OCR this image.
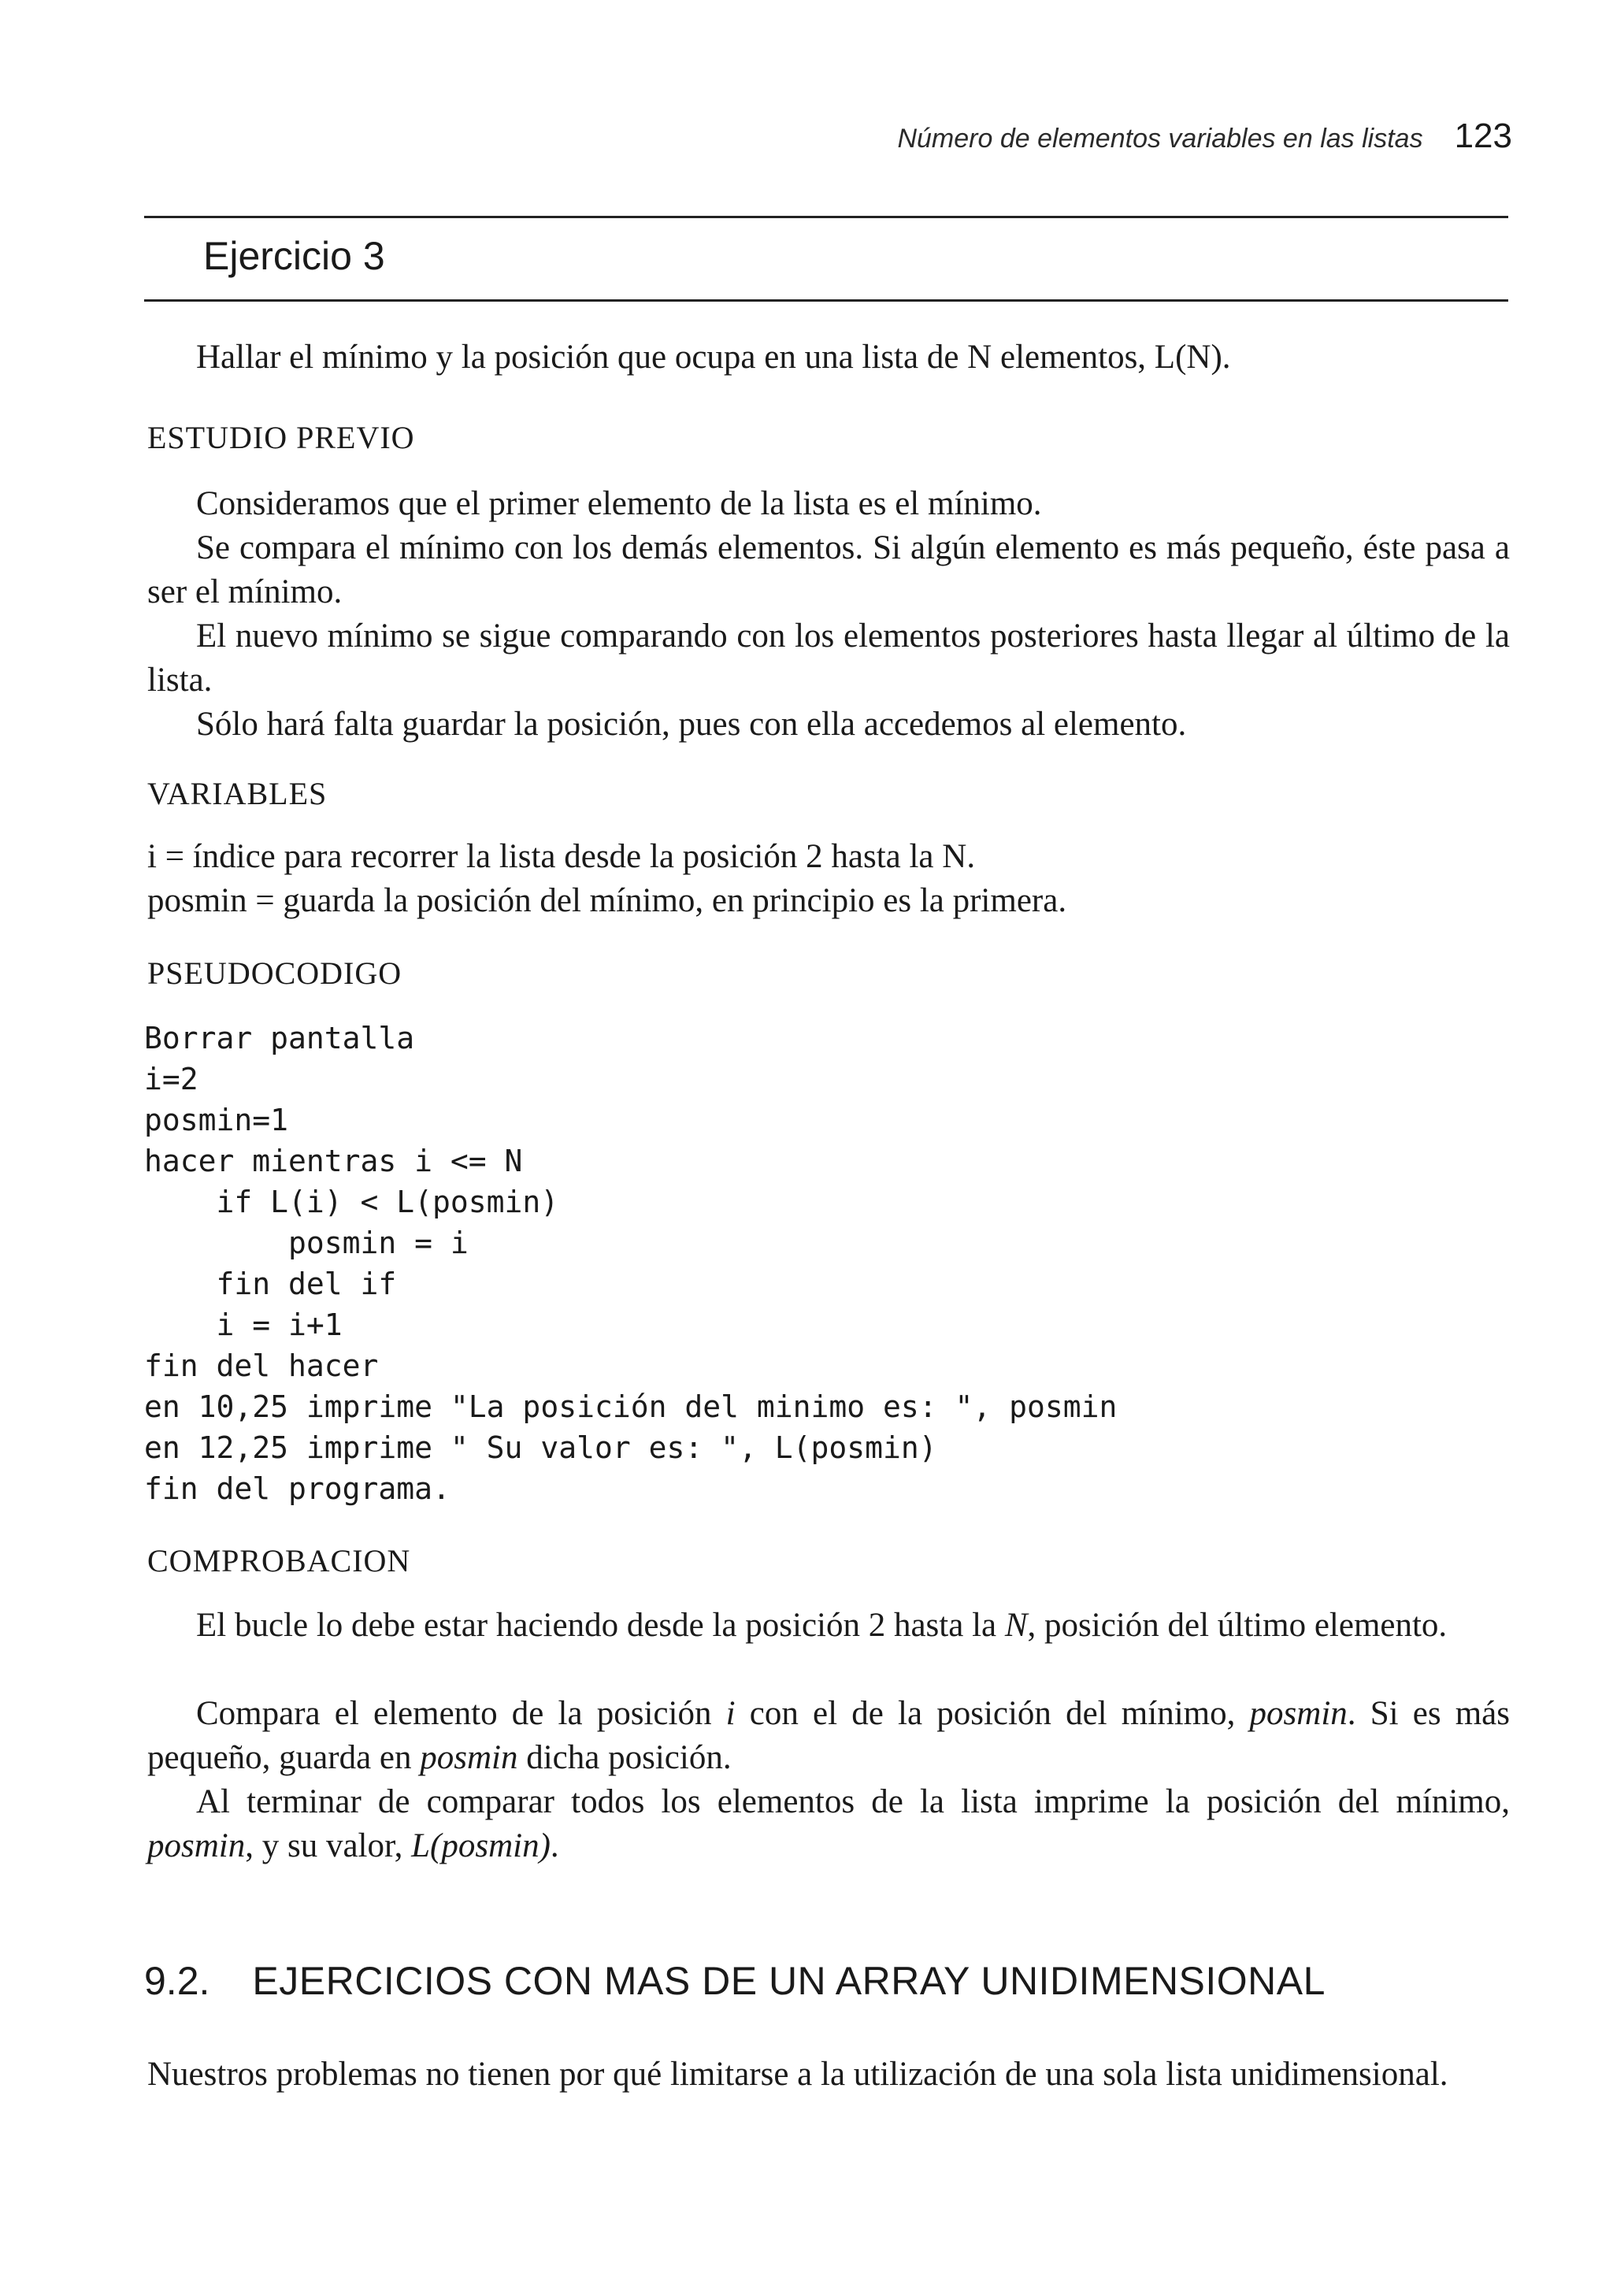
Número de elementos variables en las listas 123
Ejercicio 3
Hallar el mínimo y la posición que ocupa en una lista de N elementos, L(N).
ESTUDIO PREVIO

Consideramos que el primer elemento de la lista es el mínimo.

Se compara el mínimo con los demás elementos. Si algún elemento es más pequeño, éste pasa a ser el mínimo.

El nuevo mínimo se sigue comparando con los elementos posteriores hasta llegar al último de la lista.

Sólo hará falta guardar la posición, pues con ella accedemos al elemento.

VARIABLES
i = índice para recorrer la lista desde la posición 2 hasta la N.
posmin = guarda la posición del mínimo, en principio es la primera.
PSEUDOCODIGO
Borrar pantalla
i=2
posmin=1
hacer mientras i <= N
if L(i) < L(posmin)
posmin = i
fin del if
i = i+1
fin del hacer
en 10,25 imprime "La posición del minimo es: ", posmin
en 12,25 imprime " Su valor es: ", L(posmin)
fin del programa.
COMPROBACION

El bucle lo debe estar haciendo desde la posición 2 hasta la N, posición del último elemento.

Compara el elemento de la posición i con el de la posición del mínimo, posmin. Si es más pequeño, guarda en posmin dicha posición.

Al terminar de comparar todos los elementos de la lista imprime la posición del mínimo, posmin, y su valor, L(posmin).

9.2. EJERCICIOS CON MAS DE UN ARRAY UNIDIMENSIONAL

Nuestros problemas no tienen por qué limitarse a la utilización de una sola lista unidimensional.
